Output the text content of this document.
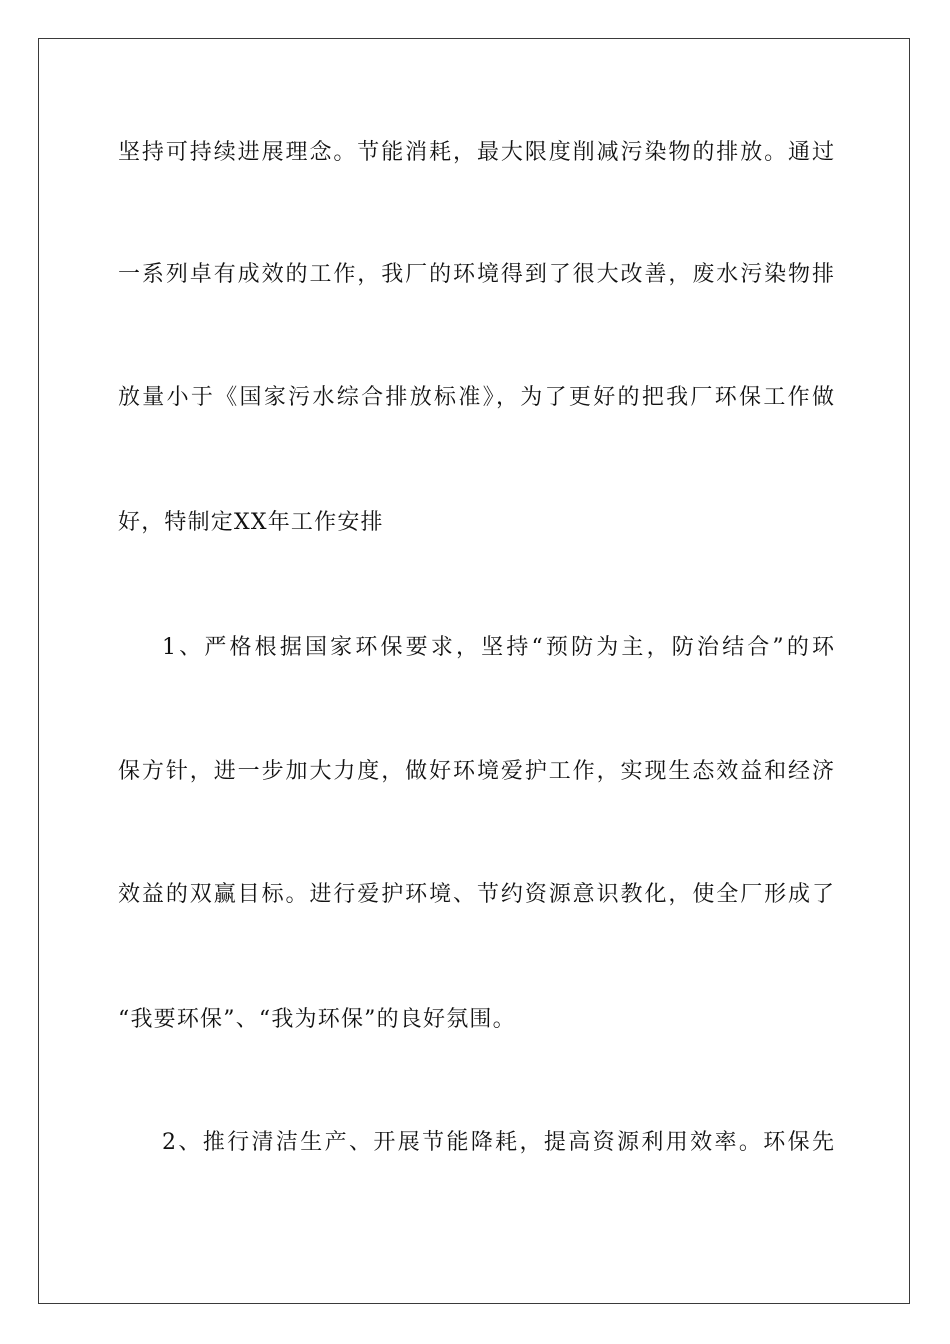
坚持可持续进展理念。节能消耗，最大限度削减污染物的排放。通过
一系列卓有成效的工作，我厂的环境得到了很大改善，废水污染物排
放量小于《国家污水综合排放标准》，为了更好的把我厂环保工作做
好，特制定XX年工作安排
1、严格根据国家环保要求，坚持“预防为主，防治结合”的环
保方针，进一步加大力度，做好环境爱护工作，实现生态效益和经济
效益的双赢目标。进行爱护环境、节约资源意识教化，使全厂形成了
“我要环保”、“我为环保”的良好氛围。
2、推行清洁生产、开展节能降耗，提高资源利用效率。环保先
